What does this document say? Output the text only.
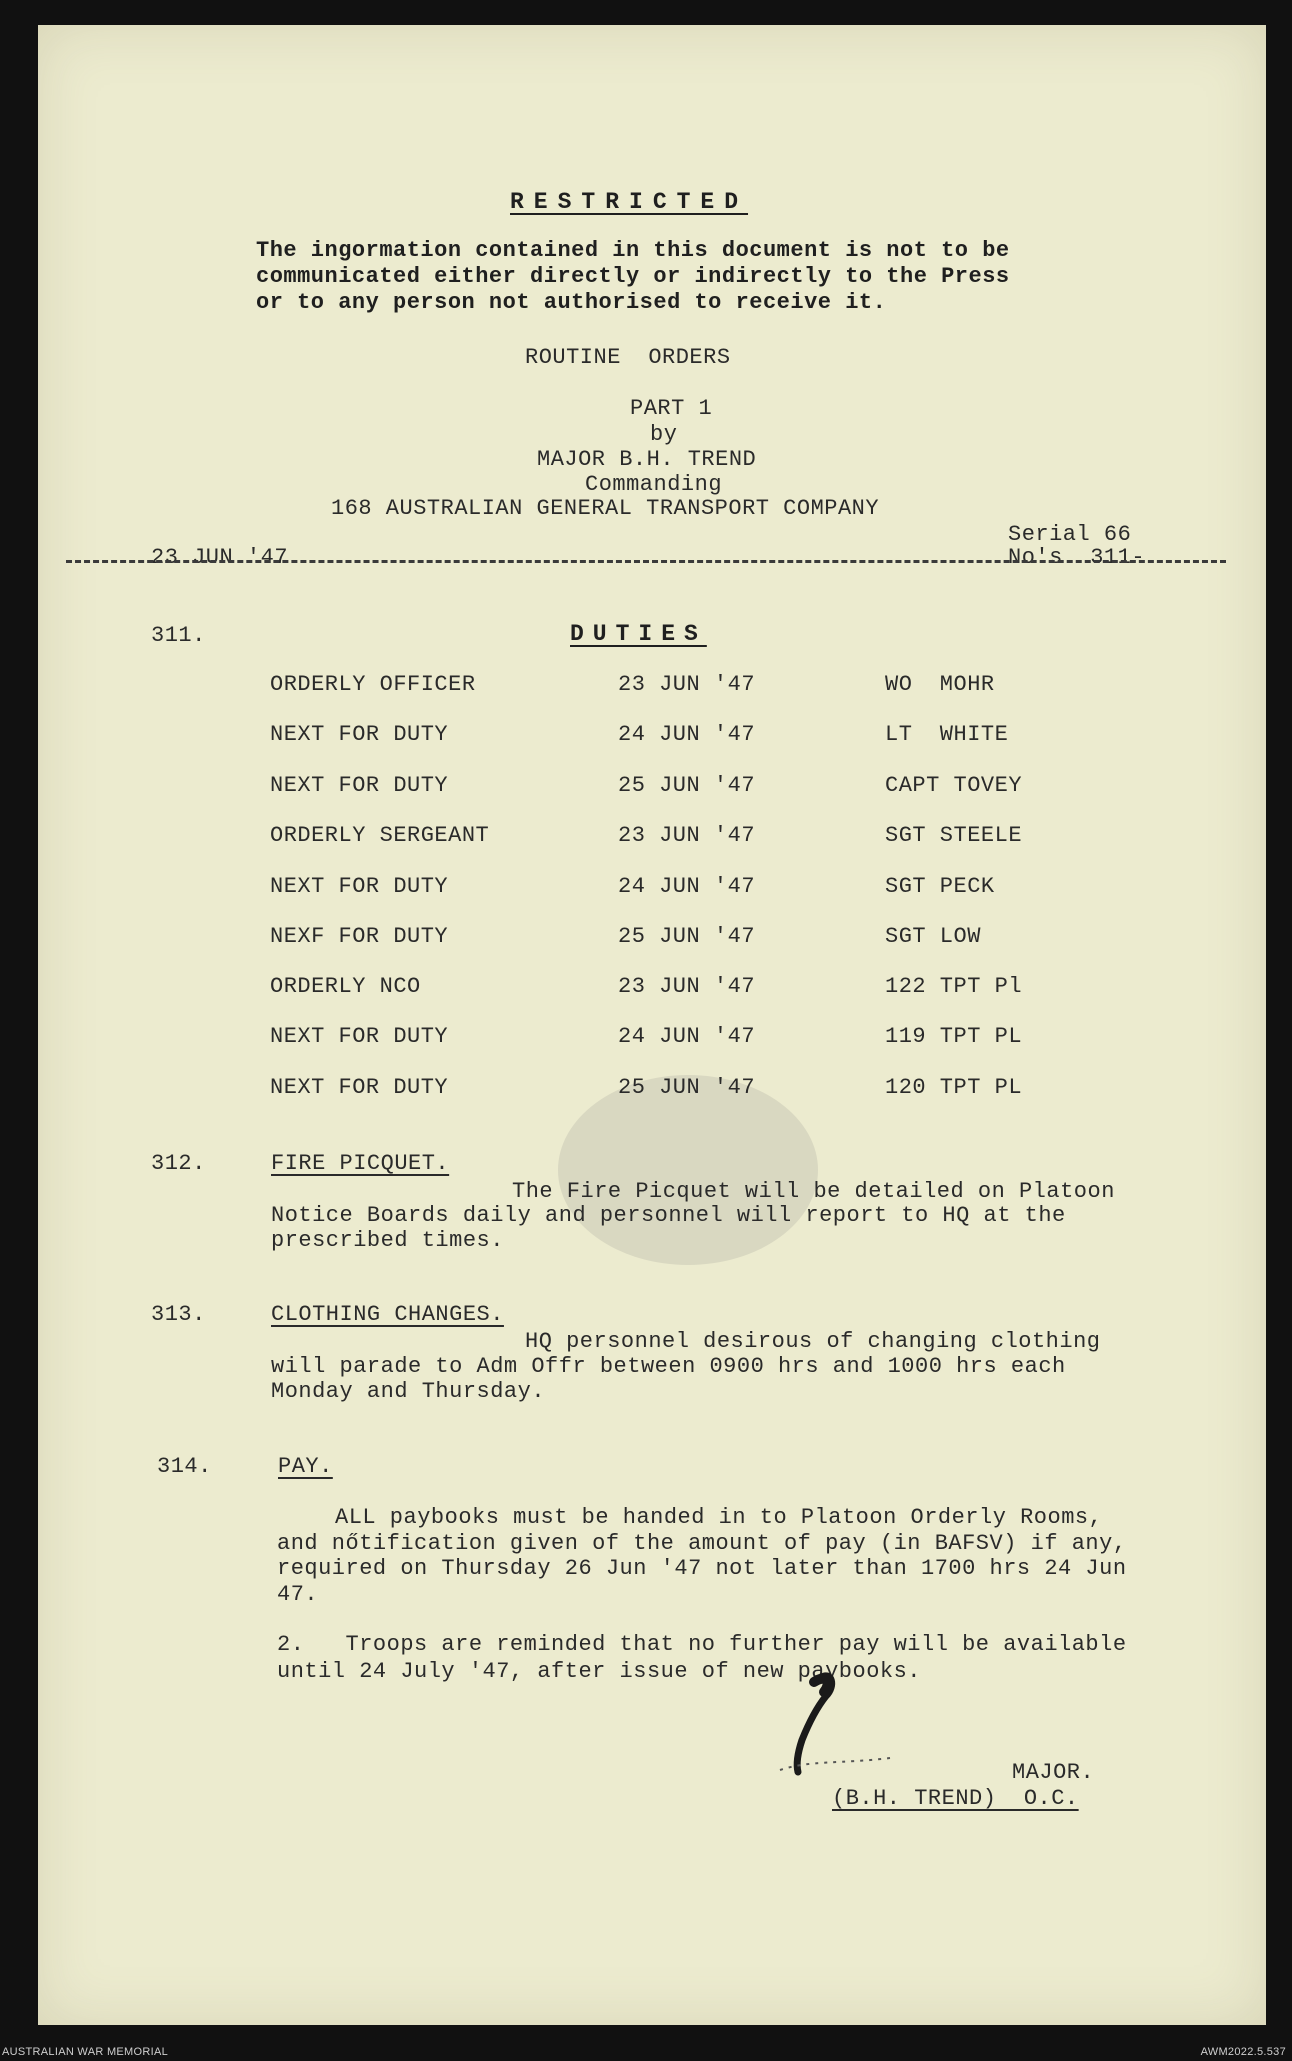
RESTRICTED
The ingormation contained in this document is not to be
communicated either directly or indirectly to the Press
or to any person not authorised to receive it.
ROUTINE  ORDERS
PART 1
by
MAJOR B.H. TREND
Commanding
168 AUSTRALIAN GENERAL TRANSPORT COMPANY
23 JUN '47
Serial 66
No's  311-
311.	DUTIES
ORDERLY OFFICER	23 JUN '47	WO  MOHR
NEXT FOR DUTY	24 JUN '47	LT  WHITE
NEXT FOR DUTY	25 JUN '47	CAPT TOVEY
ORDERLY SERGEANT	23 JUN '47	SGT STEELE
NEXT FOR DUTY	24 JUN '47	SGT PECK
NEXF FOR DUTY	25 JUN '47	SGT LOW
ORDERLY NCO	23 JUN '47	122 TPT Pl
NEXT FOR DUTY	24 JUN '47	119 TPT PL
NEXT FOR DUTY	25 JUN '47	120 TPT PL
312.	FIRE PICQUET.
The Fire Picquet will be detailed on Platoon
Notice Boards daily and personnel will report to HQ at the
prescribed times.
313.	CLOTHING CHANGES.
HQ personnel desirous of changing clothing
will parade to Adm Offr between 0900 hrs and 1000 hrs each
Monday and Thursday.
314.	PAY.
ALL paybooks must be handed in to Platoon Orderly Rooms,
and nőtification given of the amount of pay (in BAFSV) if any,
required on Thursday 26 Jun '47 not later than 1700 hrs 24 Jun
47.
2.   Troops are reminded that no further pay will be available
until 24 July '47, after issue of new paybooks.
MAJOR.
(B.H. TREND)  O.C.
AUSTRALIAN WAR MEMORIAL	AWM2022.5.537
